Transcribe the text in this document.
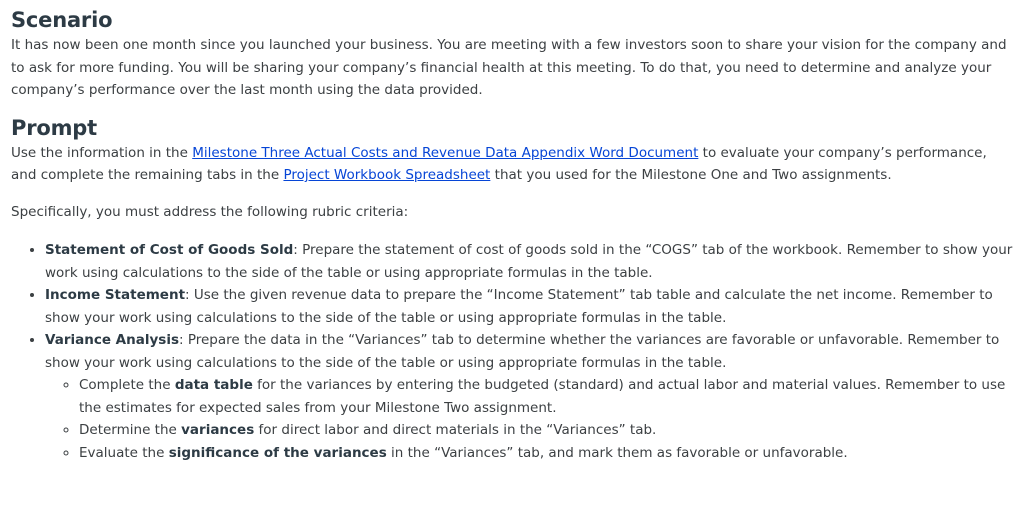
Scenario

It has now been one month since you launched your business. You are meeting with a few investors soon to share your vision for the company and to ask for more funding. You will be sharing your company’s financial health at this meeting. To do that, you need to determine and analyze your company’s performance over the last month using the data provided.

Prompt

Use the information in the Milestone Three Actual Costs and Revenue Data Appendix Word Document to evaluate your company’s performance, and complete the remaining tabs in the Project Workbook Spreadsheet that you used for the Milestone One and Two assignments.

Specifically, you must address the following rubric criteria:

• Statement of Cost of Goods Sold: Prepare the statement of cost of goods sold in the “COGS” tab of the workbook. Remember to show your work using calculations to the side of the table or using appropriate formulas in the table.
• Income Statement: Use the given revenue data to prepare the “Income Statement” tab table and calculate the net income. Remember to show your work using calculations to the side of the table or using appropriate formulas in the table.
• Variance Analysis: Prepare the data in the “Variances” tab to determine whether the variances are favorable or unfavorable. Remember to show your work using calculations to the side of the table or using appropriate formulas in the table.
◦ Complete the data table for the variances by entering the budgeted (standard) and actual labor and material values. Remember to use the estimates for expected sales from your Milestone Two assignment.
◦ Determine the variances for direct labor and direct materials in the “Variances” tab.
◦ Evaluate the significance of the variances in the “Variances” tab, and mark them as favorable or unfavorable.
